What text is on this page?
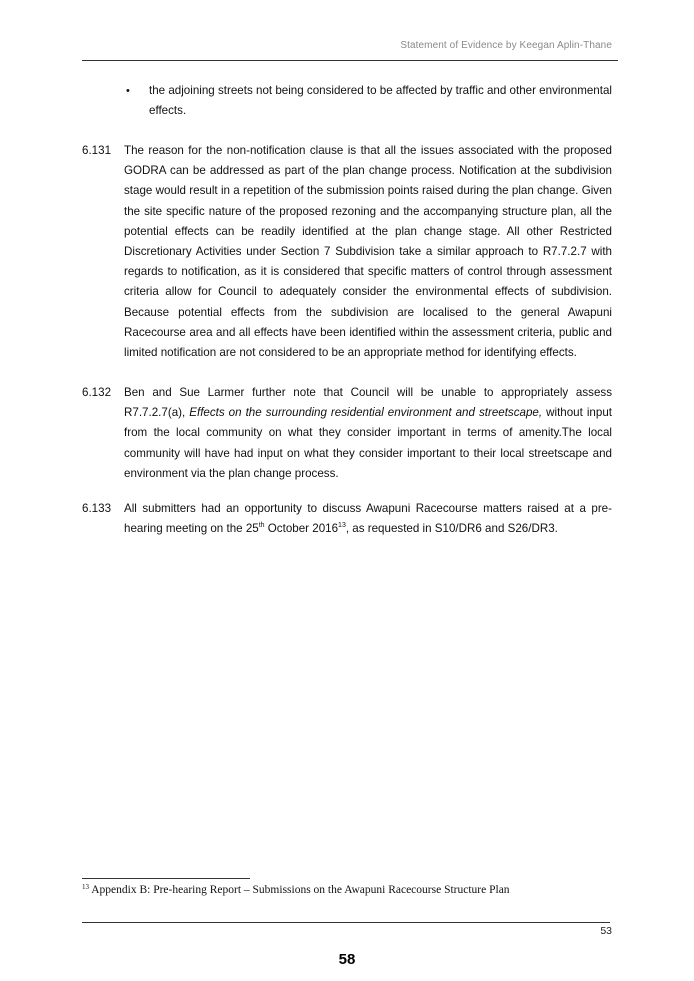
Statement of Evidence by Keegan Aplin-Thane
• the adjoining streets not being considered to be affected by traffic and other environmental effects.
6.131 The reason for the non-notification clause is that all the issues associated with the proposed GODRA can be addressed as part of the plan change process. Notification at the subdivision stage would result in a repetition of the submission points raised during the plan change. Given the site specific nature of the proposed rezoning and the accompanying structure plan, all the potential effects can be readily identified at the plan change stage. All other Restricted Discretionary Activities under Section 7 Subdivision take a similar approach to R7.7.2.7 with regards to notification, as it is considered that specific matters of control through assessment criteria allow for Council to adequately consider the environmental effects of subdivision. Because potential effects from the subdivision are localised to the general Awapuni Racecourse area and all effects have been identified within the assessment criteria, public and limited notification are not considered to be an appropriate method for identifying effects.
6.132 Ben and Sue Larmer further note that Council will be unable to appropriately assess R7.7.2.7(a), Effects on the surrounding residential environment and streetscape, without input from the local community on what they consider important in terms of amenity.The local community will have had input on what they consider important to their local streetscape and environment via the plan change process.
6.133 All submitters had an opportunity to discuss Awapuni Racecourse matters raised at a pre-hearing meeting on the 25th October 2016$^{13}$, as requested in S10/DR6 and S26/DR3.
$^{13}$ Appendix B: Pre-hearing Report – Submissions on the Awapuni Racecourse Structure Plan
53
58
